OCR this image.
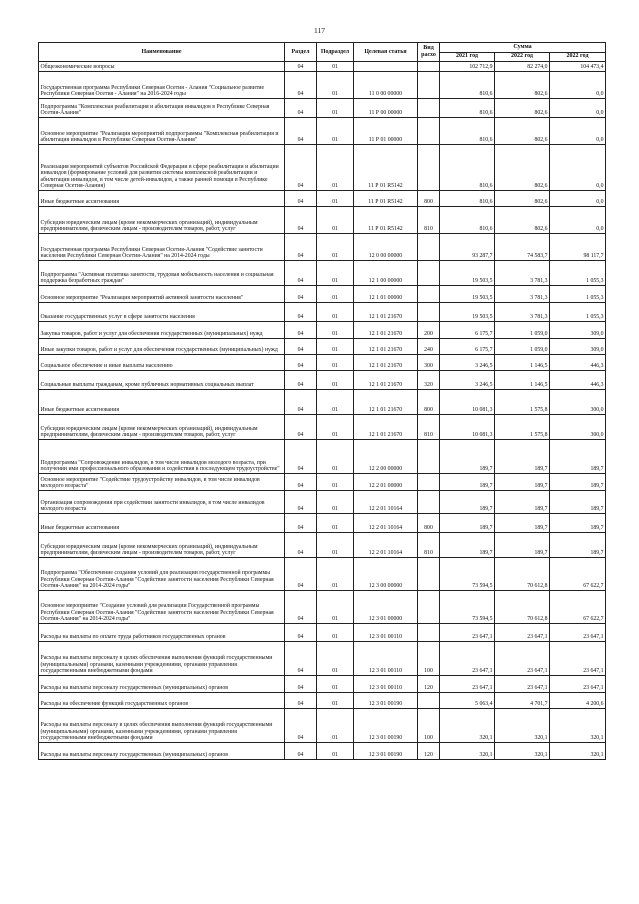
117
Наименование	Раздел	Подраздел	Целевая статья	Вид расхо	Сумма		
					2021 год	2022 год	2022 год
Общеэкономические вопросы	04	01			102 712,9	82 274,0	104 473,4
Государственная программа Республики Северная Осетия - Алания "Социальное развитие Республики Северная Осетия - Алания" на 2016-2024 годы	04	01	11 0 00 00000		810,6	802,6	0,0
Подпрограмма "Комплексная реабилитация и абилитация инвалидов в Республике Северная Осетия-Алания"	04	01	11 Р 00 00000		810,6	802,6	0,0
Основное мероприятие "Реализация мероприятий подпрограммы "Комплексная реабилитация и абилитация инвалидов в Республике Северная Осетия-Алания"	04	01	11 Р 01 00000		810,6	802,6	0,0
Реализация мероприятий субъектов Российской Федерации в сфере реабилитации и абилитации инвалидов (формирование условий для развития системы комплексной реабилитации и абилитации инвалидов, в том числе детей-инвалидов, а также ранней помощи в Республике Северная Осетия-Алания)	04	01	11 Р 01 R5142		810,6	802,6	0,0
Иные бюджетные ассигнования	04	01	11 Р 01 R5142	800	810,6	802,6	0,0
Субсидии юридическим лицам (кроме некоммерческих организаций), индивидуальным предпринимателям, физическим лицам - производителям товаров, работ, услуг	04	01	11 Р 01 R5142	810	810,6	802,6	0,0
Государственная программа Республики Северная Осетия-Алания "Содействие занятости населения Республики Северная Осетия-Алания" на 2014-2024 годы	04	01	12 0 00 00000		93 287,7	74 583,7	98 117,7
Подпрограмма "Активная политика занятости, трудовая мобильность населения и социальная поддержка безработных граждан"	04	01	12 1 00 00000		19 503,5	3 781,3	1 055,3
Основное мероприятие "Реализация мероприятий активной занятости населения"	04	01	12 1 01 00000		19 503,5	3 781,3	1 055,3
Оказание государственных услуг в сфере занятости населения	04	01	12 1 01 21670		19 503,5	3 781,3	1 055,3
Закупка товаров, работ и услуг для обеспечения государственных (муниципальных) нужд	04	01	12 1 01 21670	200	6 175,7	1 059,0	309,0
Иные закупки товаров, работ и услуг для обеспечения государственных (муниципальных) нужд	04	01	12 1 01 21670	240	6 175,7	1 059,0	309,0
Социальное обеспечение и иные выплаты населению	04	01	12 1 01 21670	300	3 246,5	1 146,5	446,3
Социальные выплаты гражданам, кроме публичных нормативных социальных выплат	04	01	12 1 01 21670	320	3 246,5	1 146,5	446,3
Иные бюджетные ассигнования	04	01	12 1 01 21670	800	10 081,3	1 575,8	300,0
Субсидии юридическим лицам (кроме некоммерческих организаций), индивидуальным предпринимателям, физическим лицам - производителям товаров, работ, услуг	04	01	12 1 01 21670	810	10 081,3	1 575,8	300,0
Подпрограмма "Сопровождение инвалидов, в том числе инвалидов молодого возраста, при получении ими профессионального образования и содействия в последующем трудоустройстве"	04	01	12 2 00 00000		189,7	189,7	189,7
Основное мероприятие "Содействие трудоустройству инвалидов, в том числе инвалидов молодого возраста"	04	01	12 2 01 00000		189,7	189,7	189,7
Организация сопровождения при содействии занятости инвалидов, в том числе инвалидов молодого возраста	04	01	12 2 01 10164		189,7	189,7	189,7
Иные бюджетные ассигнования	04	01	12 2 01 10164	800	189,7	189,7	189,7
Субсидии юридическим лицам (кроме некоммерческих организаций), индивидуальным предпринимателям, физическим лицам - производителям товаров, работ, услуг	04	01	12 2 01 10164	810	189,7	189,7	189,7
Подпрограмма "Обеспечение создания условий для реализации государственной программы Республики Северная Осетия-Алания "Содействие занятости населения Республики Северная Осетия-Алания" на 2014-2024 годы"	04	01	12 3 00 00000		73 594,5	70 612,8	67 622,7
Основное мероприятие "Создание условий для реализации Государственной программы Республики Северная Осетия-Алания "Содействие занятости населения Республики Северная Осетия-Алания" на 2014-2024 годы"	04	01	12 3 01 00000		73 594,5	70 612,8	67 622,7
Расходы на выплаты по оплате труда работников государственных органов	04	01	12 3 01 00110		23 647,1	23 647,1	23 647,1
Расходы на выплаты персоналу в целях обеспечения выполнения функций государственными (муниципальными) органами, казенными учреждениями, органами управления государственными внебюджетными фондами	04	01	12 3 01 00110	100	23 647,1	23 647,1	23 647,1
Расходы на выплаты персоналу государственных (муниципальных) органов	04	01	12 3 01 00110	120	23 647,1	23 647,1	23 647,1
Расходы на обеспечение функций государственных органов	04	01	12 3 01 00190		5 063,4	4 701,7	4 200,6
Расходы на выплаты персоналу в целях обеспечения выполнения функций государственными (муниципальными) органами, казенными учреждениями, органами управления государственными внебюджетными фондами	04	01	12 3 01 00190	100	320,1	320,1	320,1
Расходы на выплаты персоналу государственных (муниципальных) органов	04	01	12 3 01 00190	120	320,1	320,1	320,1
